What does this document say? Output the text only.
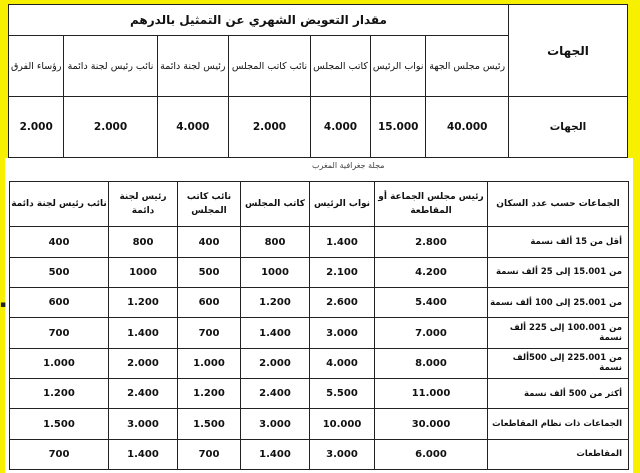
الجهات	مقدار التعويض الشهري عن التمثيل بالدرهم						
	رئيس مجلس الجهة	نواب الرئيس	كاتب المجلس	نائب كاتب المجلس	رئيس لجنة دائمة	نائب رئيس لجنة دائمة	رؤساء الفرق
الجهات	40.000	15.000	4.000	2.000	4.000	2.000	2.000
مجلة جغرافية المغرب
الجماعات حسب عدد السكان	رئيس مجلس الجماعة أو المقاطعة	نواب الرئيس	كاتب المجلس	نائب كاتب المجلس	رئيس لجنة دائمة	نائب رئيس لجنة دائمة
أقل من 15 ألف نسمة	2.800	1.400	800	400	800	400
من 15.001 إلى 25 ألف نسمة	4.200	2.100	1000	500	1000	500
من 25.001 إلى 100 ألف نسمة	5.400	2.600	1.200	600	1.200	600
من 100.001 إلى 225 ألف نسمة	7.000	3.000	1.400	700	1.400	700
من 225.001 إلى 500ألف نسمة	8.000	4.000	2.000	1.000	2.000	1.000
أكثر من 500 ألف نسمة	11.000	5.500	2.400	1.200	2.400	1.200
الجماعات ذات نظام المقاطعات	30.000	10.000	3.000	1.500	3.000	1.500
المقاطعات	6.000	3.000	1.400	700	1.400	700
▪
